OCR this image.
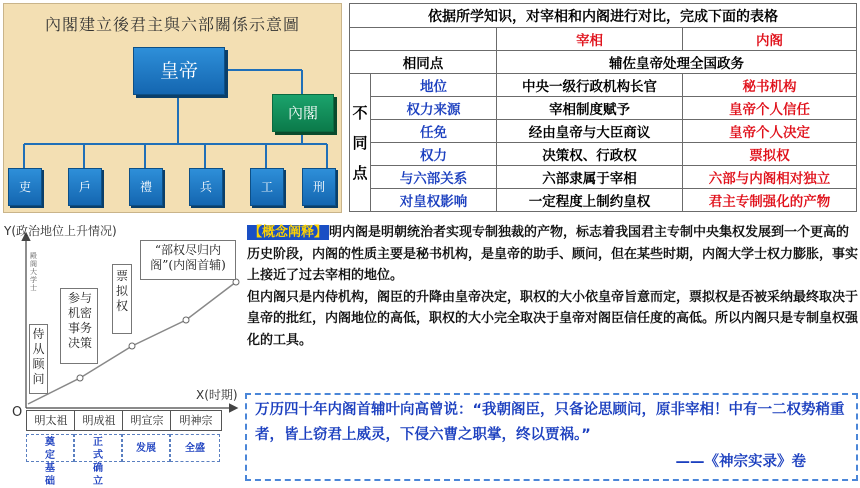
內閣建立後君主與六部關係示意圖
皇帝
內閣
吏	戶	禮	兵	工	刑
依据所学知识，对宰相和内阁进行对比，完成下面的表格			
		宰相	内阁
相同点		辅佐皇帝处理全国政务	
不
同
点	地位	中央一级行政机构长官	秘书机构
	权力来源	宰相制度赋予	皇帝个人信任
	任免	经由皇帝与大臣商议	皇帝个人决定
	权力	决策权、行政权	票拟权
	与六部关系	六部隶属于宰相	六部与内阁相对独立
	对皇权影响	一定程度上制约皇权	君主专制强化的产物
Y(政治地位上升情况)
X(时期)
O
殿阁大学士
侍从顾问
参与机密事务决策
票拟权
“部权尽归内阁”(内阁首辅)
明太祖	明成祖	明宣宗	明神宗
奠定基础
正式确立
发展	全盛
【概念阐释】 明内阁是明朝统治者实现专制独裁的产物，标志着我国君主专制中央集权发展到一个更高的历史阶段，内阁的性质主要是秘书机构，是皇帝的助手、顾问，但在某些时期，内阁大学士权力膨胀，事实上接近了过去宰相的地位。
但内阁只是内侍机构，阁臣的升降由皇帝决定，职权的大小依皇帝旨意而定，票拟权是否被采纳最终取决于皇帝的批红，内阁地位的高低，职权的大小完全取决于皇帝对阁臣信任度的高低。所以内阁只是专制皇权强化的工具。
万历四十年内阁首辅叶向高曾说：“我朝阁臣，只备论思顾问，原非宰相！中有一二权势稍重者，皆上窃君上威灵，下侵六曹之职掌，终以贾祸。”
——《神宗实录》卷
